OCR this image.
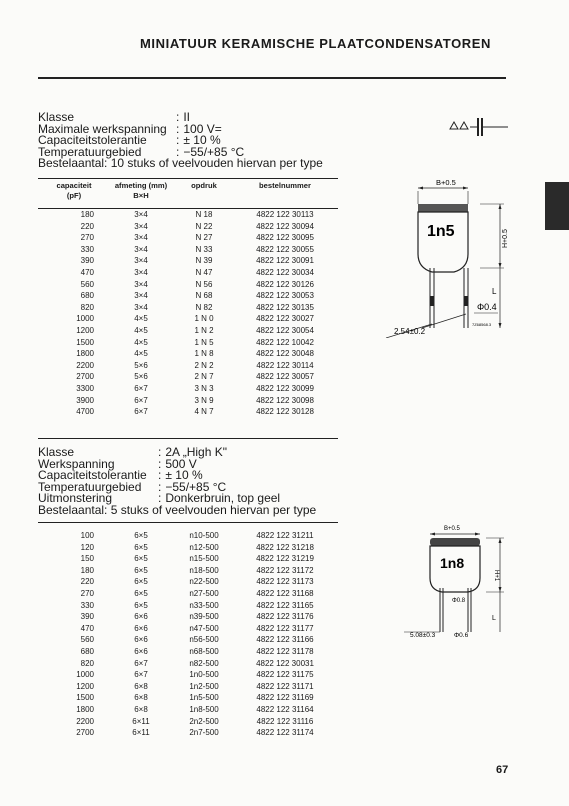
MINIATUUR KERAMISCHE PLAATCONDENSATOREN
Klasse	: II
Maximale werkspanning : 100 V=
Capaciteitstolerantie	: ± 10 %
Temperatuurgebied	: −55/+85 °C
Bestelaantal: 10 stuks of veelvouden hiervan per type
capaciteit	afmeting (mm)	opdruk	bestelnummer
(pF)	B×H		

180	3×4	N 18	4822 122 30113
220	3×4	N 22	4822 122 30094
270	3×4	N 27	4822 122 30095
330	3×4	N 33	4822 122 30055
390	3×4	N 39	4822 122 30091
470	3×4	N 47	4822 122 30034
560	3×4	N 56	4822 122 30126
680	3×4	N 68	4822 122 30053
820	3×4	N 82	4822 122 30135
1000	4×5	1 N 0	4822 122 30027
1200	4×5	1 N 2	4822 122 30054
1500	4×5	1 N 5	4822 122 10042
1800	4×5	1 N 8	4822 122 30048
2200	5×6	2 N 2	4822 122 30114
2700	5×6	2 N 7	4822 122 30057
3300	6×7	3 N 3	4822 122 30099
3900	6×7	3 N 9	4822 122 30098
4700	6×7	4 N 7	4822 122 30128
B+0.5
1n5	H+0.5
L
Φ0.4
2.54±0.2
7Z68568.3
Klasse	: 2A „High K"
Werkspanning	: 500 V
Capaciteitstolerantie : ± 10 %
Temperatuurgebied	: −55/+85 °C
Uitmonstering	: Donkerbruin, top geel
Bestelaantal: 5 stuks of veelvouden hiervan per type
100	6×5	n10-500	4822 122 31211
120	6×5	n12-500	4822 122 31218
150	6×5	n15-500	4822 122 31219
180	6×5	n18-500	4822 122 31172
220	6×5	n22-500	4822 122 31173
270	6×5	n27-500	4822 122 31168
330	6×5	n33-500	4822 122 31165
390	6×6	n39-500	4822 122 31176
470	6×6	n47-500	4822 122 31177
560	6×6	n56-500	4822 122 31166
680	6×6	n68-500	4822 122 31178
820	6×7	n82-500	4822 122 30031
1000	6×7	1n0-500	4822 122 31175
1200	6×8	1n2-500	4822 122 31171
1500	6×8	1n5-500	4822 122 31169
1800	6×8	1n8-500	4822 122 31164
2200	6×11	2n2-500	4822 122 31116
2700	6×11	2n7-500	4822 122 31174
B+0.5
1n8
H+1
L
Φ0.8
5.08±0.3	Φ0.6
67
